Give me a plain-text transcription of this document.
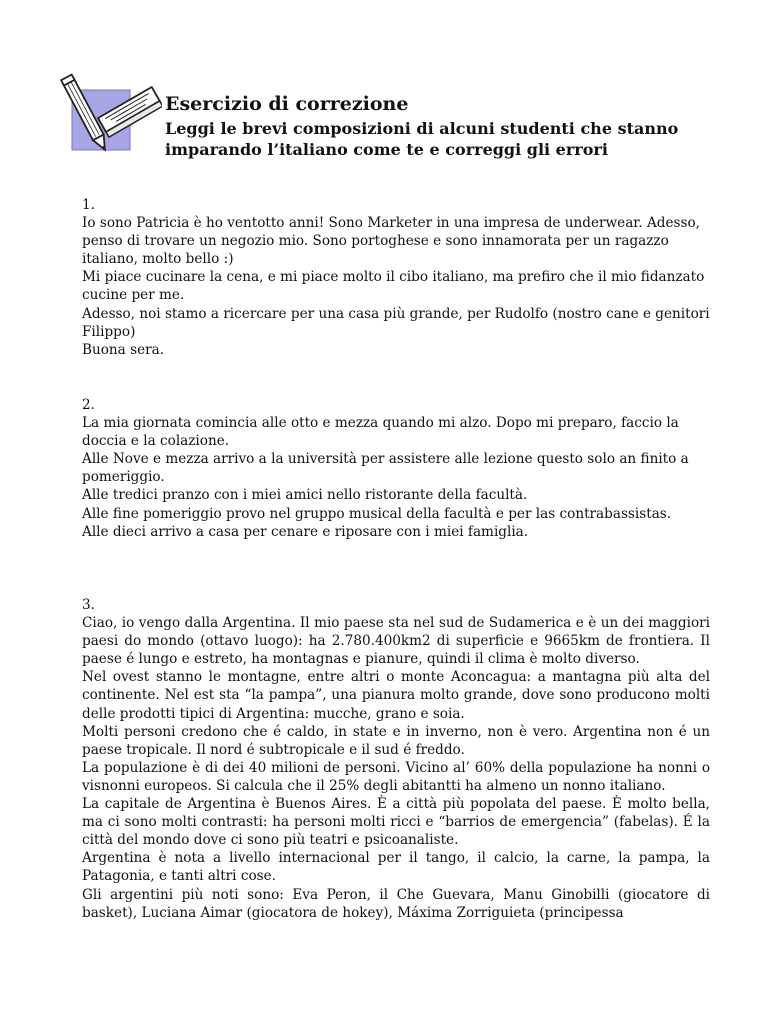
Esercizio di correzione

Leggi le brevi composizioni di alcuni studenti che stanno imparando l’italiano come te e correggi gli errori

1.

Io sono Patricia è ho ventotto anni! Sono Marketer in una impresa de underwear. Adesso, penso di trovare un negozio mio. Sono portoghese e sono innamorata per un ragazzo italiano, molto bello :)

Mi piace cucinare la cena, e mi piace molto il cibo italiano, ma prefiro che il mio fidanzato cucine per me.

Adesso, noi stamo a ricercare per una casa più grande, per Rudolfo (nostro cane e genitori Filippo)

Buona sera.

2.

La mia giornata comincia alle otto e mezza quando mi alzo. Dopo mi preparo, faccio la doccia e la colazione.

Alle Nove e mezza arrivo a la università per assistere alle lezione questo solo an finito a pomeriggio.

Alle tredici pranzo con i miei amici nello ristorante della facultà.

Alle fine pomeriggio provo nel gruppo musical della facultà e per las contrabassistas.

Alle dieci arrivo a casa per cenare e riposare con i miei famiglia.

3.

Ciao, io vengo dalla Argentina. Il mio paese sta nel sud de Sudamerica e è un dei maggiori paesi do mondo (ottavo luogo): ha 2.780.400km2 di superficie e 9665km de frontiera. Il paese é lungo e estreto, ha montagnas e pianure, quindi il clima è molto diverso.

Nel ovest stanno le montagne, entre altri o monte Aconcagua: a mantagna più alta del continente. Nel est sta “la pampa”, una pianura molto grande, dove sono producono molti delle prodotti tipici di Argentina: mucche, grano e soia.

Molti personi credono che é caldo, in state e in inverno, non è vero. Argentina non é un paese tropicale. Il nord é subtropicale e il sud é freddo.

La populazione è di dei 40 milioni de personi. Vicino al’ 60% della populazione ha nonni o visnonni europeos. Si calcula che il 25% degli abitantti ha almeno un nonno italiano.

La capitale de Argentina è Buenos Aires. È a città più popolata del paese. È molto bella, ma ci sono molti contrasti: ha personi molti ricci e “barrios de emergencia” (fabelas). É la città del mondo dove ci sono più teatri e psicoanaliste.

Argentina è nota a livello internacional per il tango, il calcio, la carne, la pampa, la Patagonia, e tanti altri cose.

Gli argentini più noti sono: Eva Peron, il Che Guevara, Manu Ginobilli (giocatore di basket), Luciana Aimar (giocatora de hokey), Máxima Zorriguieta (principessa
